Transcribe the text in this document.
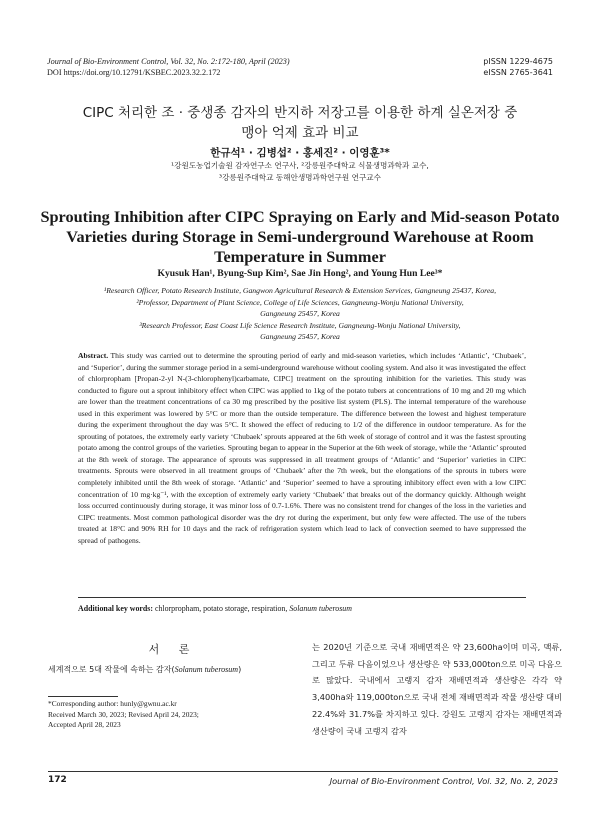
Journal of Bio-Environment Control, Vol. 32, No. 2:172-180, April (2023)
DOI https://doi.org/10.12791/KSBEC.2023.32.2.172
pISSN 1229-4675
eISSN 2765-3641
CIPC 처리한 조 · 중생종 감자의 반지하 저장고를 이용한 하계 실온저장 중
맹아 억제 효과 비교
한규석¹ · 김병섭² · 홍세진² · 이영훈³*
¹강원도농업기술원 감자연구소 연구사, ²강릉원주대학교 식물생명과학과 교수,
³강릉원주대학교 동해안생명과학연구원 연구교수
Sprouting Inhibition after CIPC Spraying on Early and Mid-season Potato
Varieties during Storage in Semi-underground Warehouse at Room
Temperature in Summer
Kyusuk Han¹, Byung-Sup Kim², Sae Jin Hong², and Young Hun Lee³*
¹Research Officer, Potato Research Institute, Gangwon Agricultural Research & Extension Services, Gangneung 25437, Korea,
²Professor, Department of Plant Science, College of Life Sciences, Gangneung-Wonju National University,
Gangneung 25457, Korea
³Research Professor, East Coast Life Science Research Institute, Gangneung-Wonju National University,
Gangneung 25457, Korea
Abstract. This study was carried out to determine the sprouting period of early and mid-season varieties, which includes ‘Atlantic’, ‘Chubaek’, and ‘Superior’, during the summer storage period in a semi-underground warehouse without cooling system. And also it was investigated the effect of chlorpropham [Propan-2-yl N-(3-chlorophenyl)carbamate, CIPC] treatment on the sprouting inhibition for the varieties. This study was conducted to figure out a sprout inhibitory effect when CIPC was applied to 1kg of the potato tubers at concentrations of 10 mg and 20 mg which are lower than the treatment concentrations of ca 30 mg prescribed by the positive list system (PLS). The internal temperature of the warehouse used in this experiment was lowered by 5°C or more than the outside temperature. The difference between the lowest and highest temperature during the experiment throughout the day was 5°C. It showed the effect of reducing to 1/2 of the difference in outdoor temperature. As for the sprouting of potatoes, the extremely early variety ‘Chubaek’ sprouts appeared at the 6th week of storage of control and it was the fastest sprouting potato among the control groups of the varieties. Sprouting began to appear in the Superior at the 6th week of storage, while the ‘Atlantic’ sprouted at the 8th week of storage. The appearance of sprouts was suppressed in all treatment groups of ‘Atlantic’ and ‘Superior’ varieties in CIPC treatments. Sprouts were observed in all treatment groups of ‘Chubaek’ after the 7th week, but the elongations of the sprouts in tubers were completely inhibited until the 8th week of storage. ‘Atlantic’ and ‘Superior’ seemed to have a sprouting inhibitory effect even with a low CIPC concentration of 10 mg·kg⁻¹, with the exception of extremely early variety ‘Chubaek’ that breaks out of the dormancy quickly. Although weight loss occurred continuously during storage, it was minor loss of 0.7-1.6%. There was no consistent trend for changes of the loss in the varieties and CIPC treatments. Most common pathological disorder was the dry rot during the experiment, but only few were affected. The use of the tubers treated at 18°C and 90% RH for 10 days and the rack of refrigeration system which lead to lack of convection seemed to have suppressed the spread of pathogens.
Additional key words: chlorpropham, potato storage, respiration, Solanum tuberosum
서 론
세계적으로 5대 작물에 속하는 감자(Solanum tuberosum)
*Corresponding author: hunly@gwnu.ac.kr
Received March 30, 2023; Revised April 24, 2023;
Accepted April 28, 2023
는 2020년 기준으로 국내 재배면적은 약 23,600ha이며 미곡, 맥류, 그리고 두류 다음이었으나 생산량은 약 533,000ton으로 미곡 다음으로 많았다. 국내에서 고랭지 감자 재배면적과 생산량은 각각 약 3,400ha와 119,000ton으로 국내 전체 재배면적과 작물 생산량 대비 22.4%와 31.7%를 차지하고 있다. 강원도 고랭지 감자는 재배면적과 생산량이 국내 고랭지 감자
172	Journal of Bio-Environment Control, Vol. 32, No. 2, 2023
